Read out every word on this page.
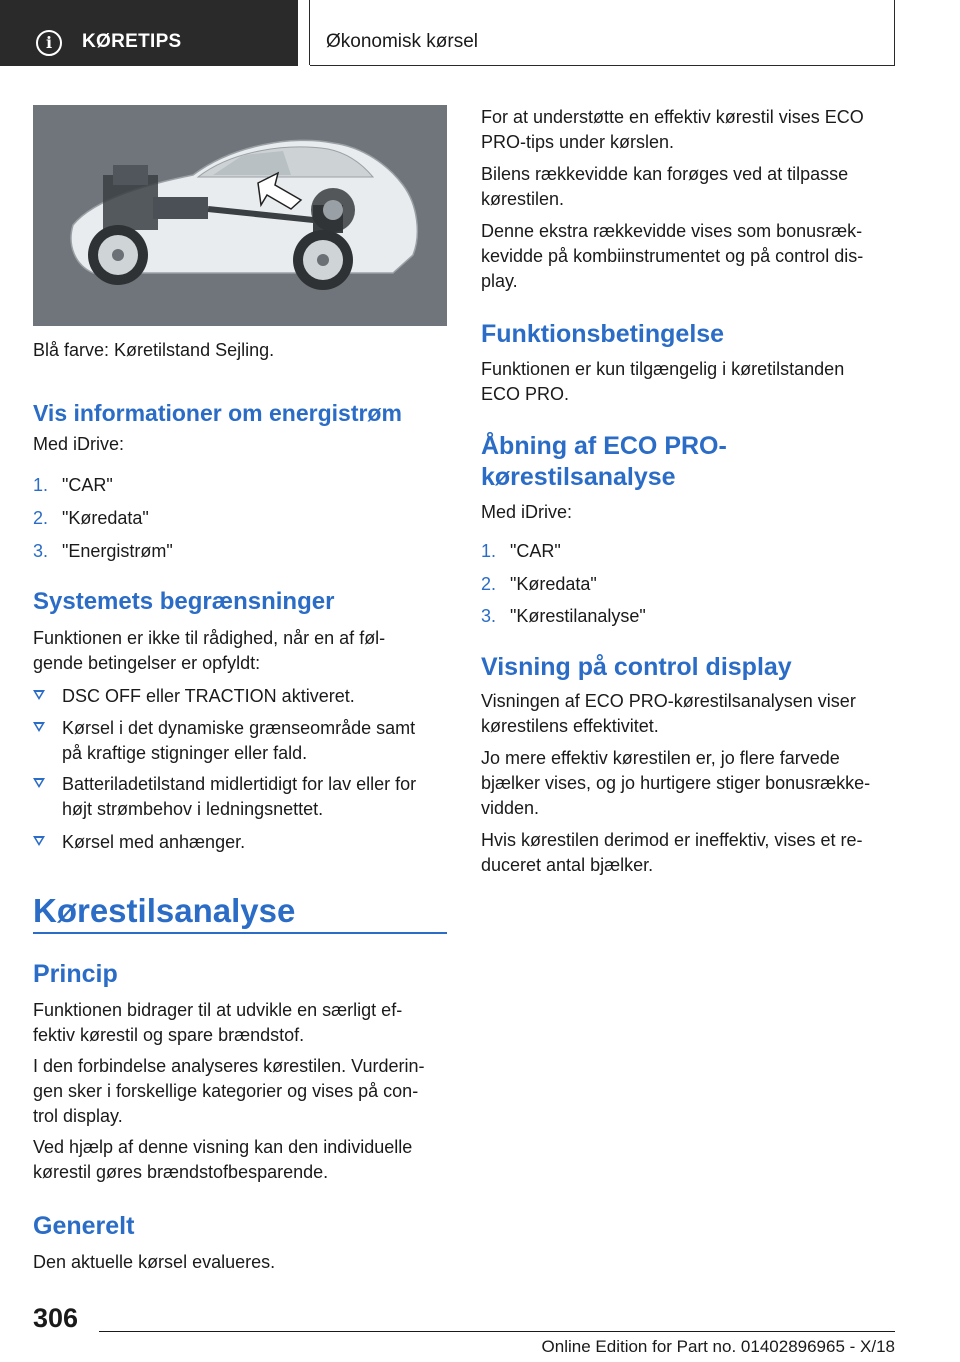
i	KØRETIPS	Økonomisk kørsel
Blå farve: Køretilstand Sejling.
Vis informationer om energistrøm
Med iDrive:
1. "CAR"
2. "Køredata"
3. "Energistrøm"
Systemets begrænsninger
Funktionen er ikke til rådighed, når en af føl-
gende betingelser er opfyldt:
DSC OFF eller TRACTION aktiveret.
Kørsel i det dynamiske grænseområde samt
på kraftige stigninger eller fald.
Batteriladetilstand midlertidigt for lav eller for
højt strømbehov i ledningsnettet.
Kørsel med anhænger.
Kørestilsanalyse
Princip
Funktionen bidrager til at udvikle en særligt ef-
fektiv kørestil og spare brændstof.
I den forbindelse analyseres kørestilen. Vurderin-
gen sker i forskellige kategorier og vises på con-
trol display.
Ved hjælp af denne visning kan den individuelle
kørestil gøres brændstofbesparende.
Generelt
Den aktuelle kørsel evalueres.
For at understøtte en effektiv kørestil vises ECO
PRO-tips under kørslen.
Bilens rækkevidde kan forøges ved at tilpasse
kørestilen.
Denne ekstra rækkevidde vises som bonusræk-
kevidde på kombiinstrumentet og på control dis-
play.
Funktionsbetingelse
Funktionen er kun tilgængelig i køretilstanden
ECO PRO.
Åbning af ECO PRO-
kørestilsanalyse
Med iDrive:
1. "CAR"
2. "Køredata"
3. "Kørestilanalyse"
Visning på control display
Visningen af ECO PRO-kørestilsanalysen viser
kørestilens effektivitet.
Jo mere effektiv kørestilen er, jo flere farvede
bjælker vises, og jo hurtigere stiger bonusrække-
vidden.
Hvis kørestilen derimod er ineffektiv, vises et re-
duceret antal bjælker.
306
Online Edition for Part no. 01402896965 - X/18
